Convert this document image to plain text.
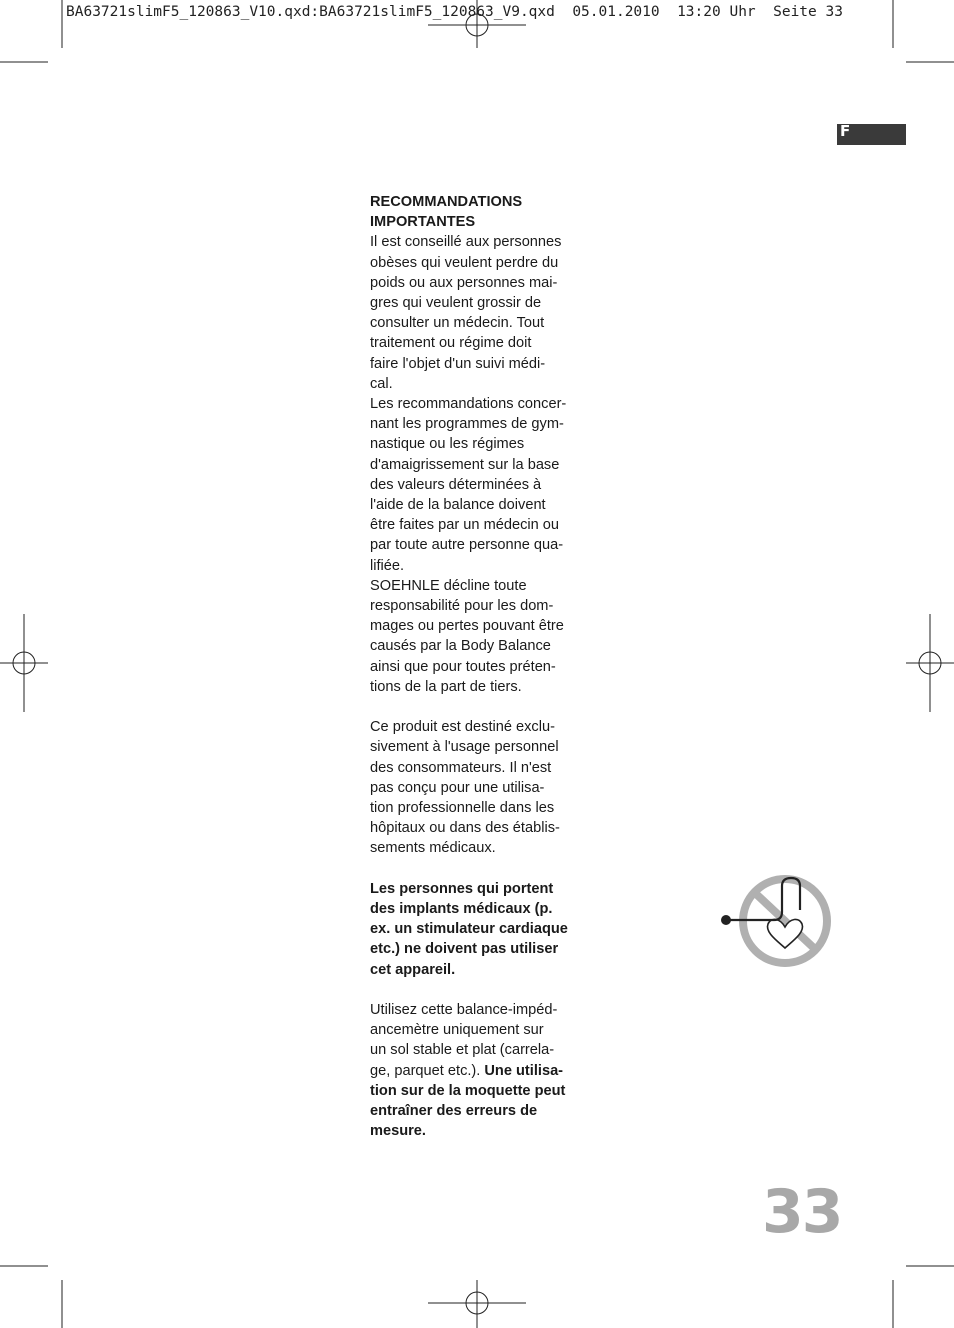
BA63721slimF5_120863_V10.qxd:BA63721slimF5_120863_V9.qxd  05.01.2010  13:20 Uhr  Seite 33
F

RECOMMANDATIONS
IMPORTANTES

Il est conseillé aux personnes
obèses qui veulent perdre du
poids ou aux personnes mai-
gres qui veulent grossir de
consulter un médecin. Tout
traitement ou régime doit
faire l'objet d'un suivi médi-
cal.

Les recommandations concer-
nant les programmes de gym-
nastique ou les régimes
d'amaigrissement sur la base
des valeurs déterminées à
l'aide de la balance doivent
être faites par un médecin ou
par toute autre personne qua-
lifiée.

SOEHNLE décline toute
responsabilité pour les dom-
mages ou pertes pouvant être
causés par la Body Balance
ainsi que pour toutes préten-
tions de la part de tiers.

Ce produit est destiné exclu-
sivement à l'usage personnel
des consommateurs. Il n'est
pas conçu pour une utilisa-
tion professionnelle dans les
hôpitaux ou dans des établis-
sements médicaux.

Les personnes qui portent
des implants médicaux (p.
ex. un stimulateur cardiaque
etc.) ne doivent pas utiliser
cet appareil.

Utilisez cette balance-impéd-
ancemètre uniquement sur
un sol stable et plat (carrela-
ge, parquet etc.). Une utilisa-
tion sur de la moquette peut
entraîner des erreurs de
mesure.

33
